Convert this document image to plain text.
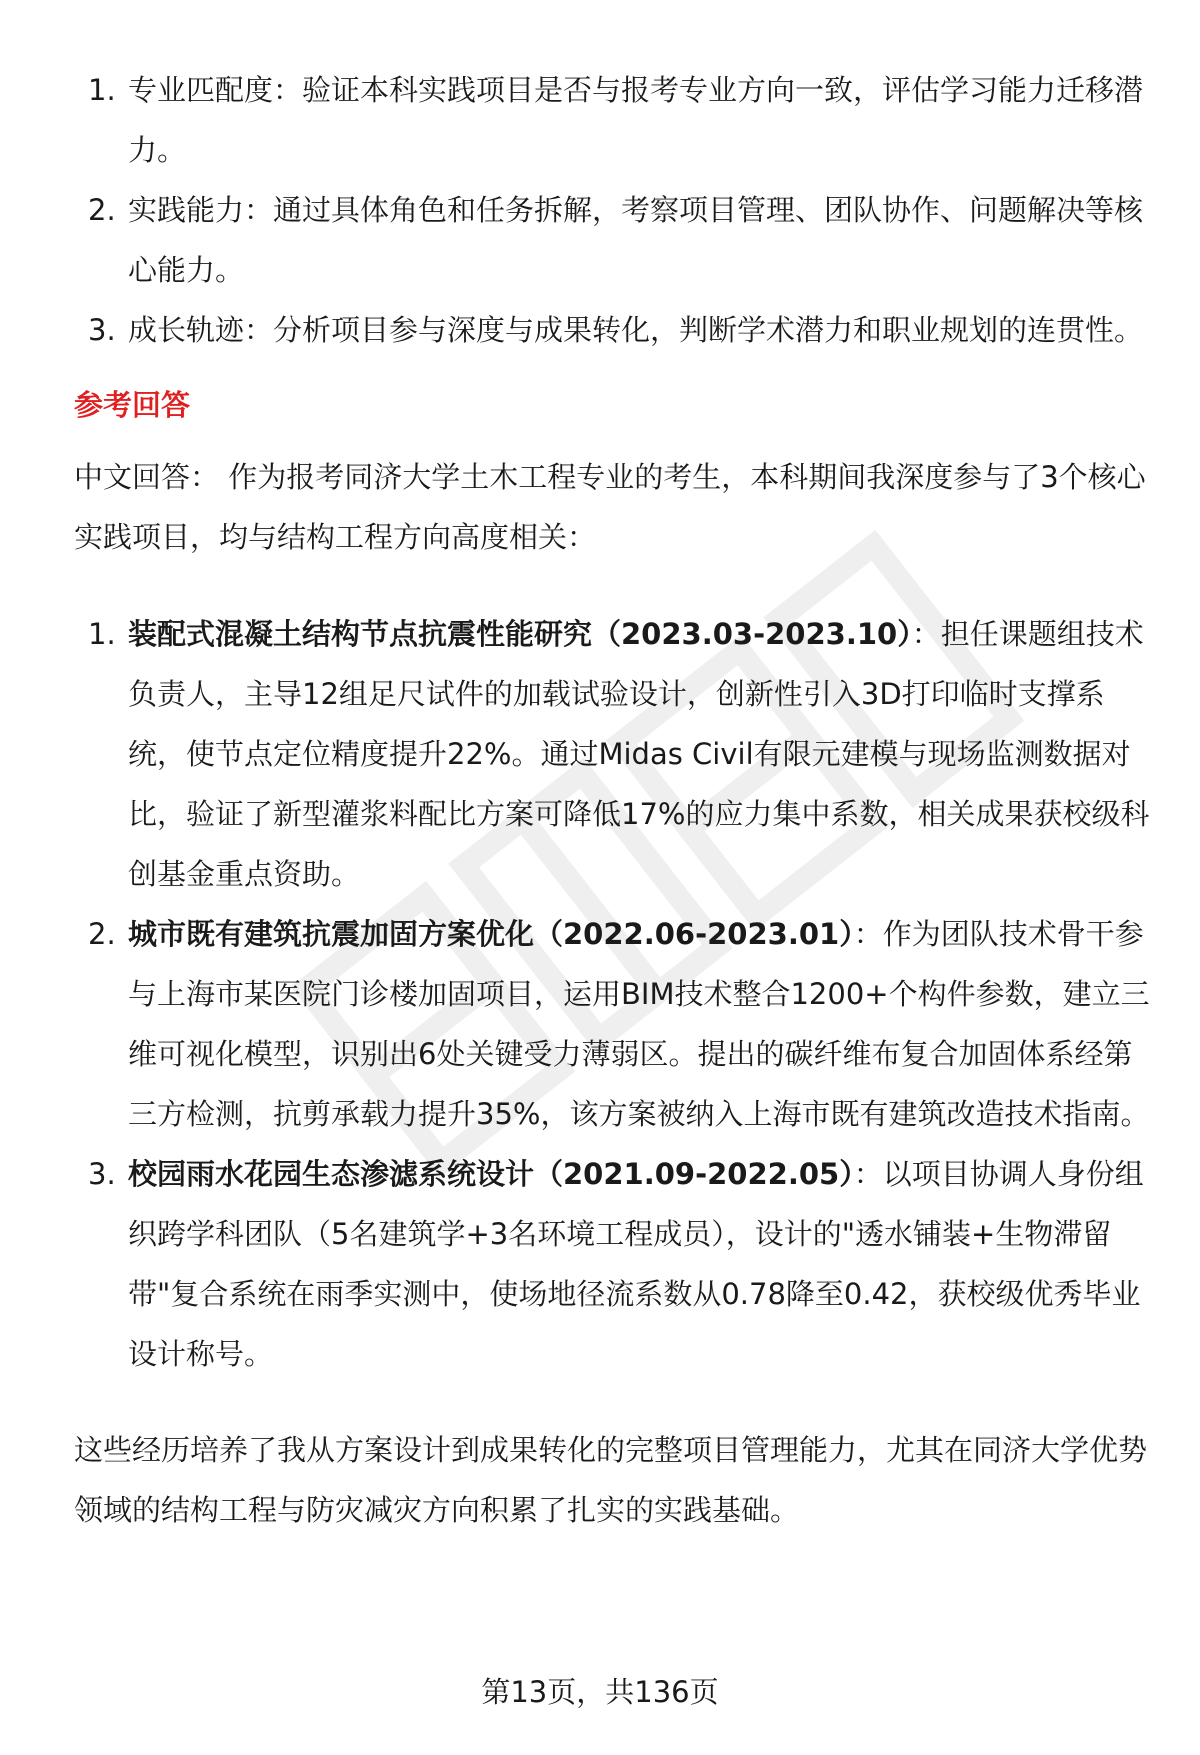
1. 专业匹配度：验证本科实践项目是否与报考专业方向一致，评估学习能力迁移潜力。
2. 实践能力：通过具体角色和任务拆解，考察项目管理、团队协作、问题解决等核心能力。
3. 成长轨迹：分析项目参与深度与成果转化，判断学术潜力和职业规划的连贯性。
参考回答

中文回答： 作为报考同济大学土木工程专业的考生，本科期间我深度参与了3个核心实践项目，均与结构工程方向高度相关：

1. 装配式混凝土结构节点抗震性能研究（2023.03-2023.10）：担任课题组技术负责人，主导12组足尺试件的加载试验设计，创新性引入3D打印临时支撑系统，使节点定位精度提升22%。通过Midas Civil有限元建模与现场监测数据对比，验证了新型灌浆料配比方案可降低17%的应力集中系数，相关成果获校级科创基金重点资助。
2. 城市既有建筑抗震加固方案优化（2022.06-2023.01）：作为团队技术骨干参与上海市某医院门诊楼加固项目，运用BIM技术整合1200+个构件参数，建立三维可视化模型，识别出6处关键受力薄弱区。提出的碳纤维布复合加固体系经第三方检测，抗剪承载力提升35%，该方案被纳入上海市既有建筑改造技术指南。
3. 校园雨水花园生态渗滤系统设计（2021.09-2022.05）：以项目协调人身份组织跨学科团队（5名建筑学+3名环境工程成员），设计的"透水铺装+生物滞留带"复合系统在雨季实测中，使场地径流系数从0.78降至0.42，获校级优秀毕业设计称号。

这些经历培养了我从方案设计到成果转化的完整项目管理能力，尤其在同济大学优势领域的结构工程与防灾减灾方向积累了扎实的实践基础。

第13页，共136页
